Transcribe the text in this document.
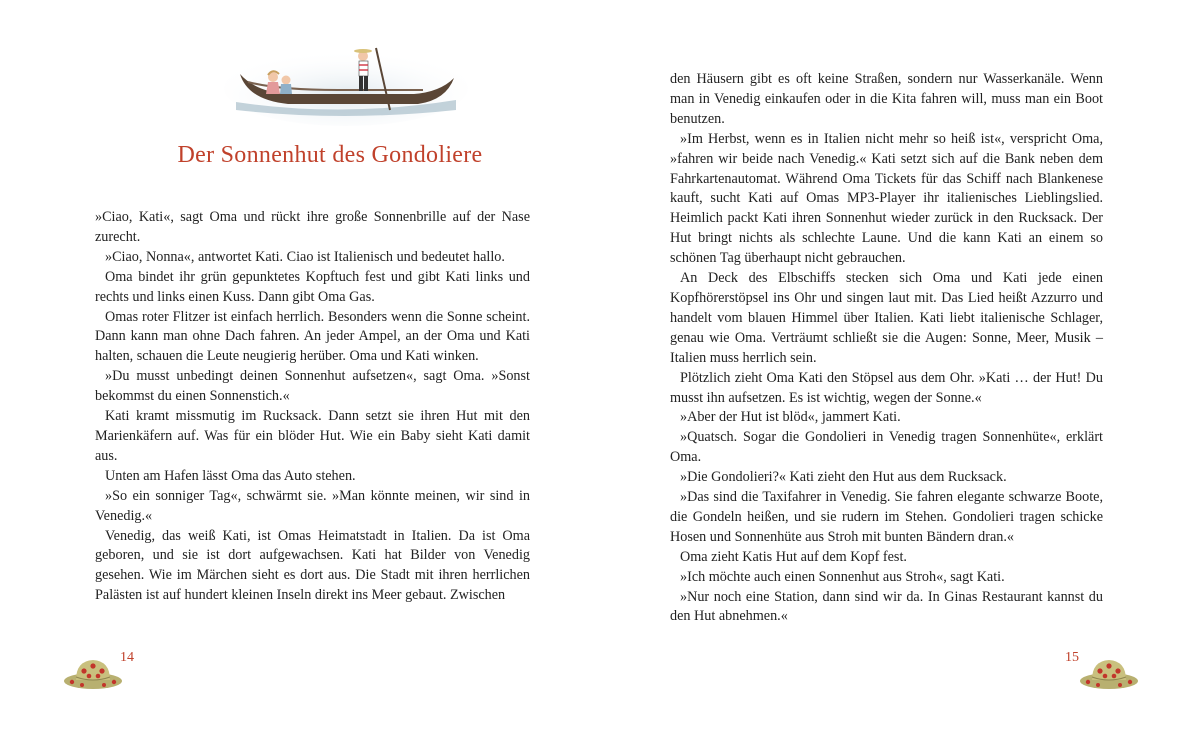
Der Sonnenhut des Gondoliere

»Ciao, Kati«, sagt Oma und rückt ihre große Sonnenbrille auf der Nase zurecht.

»Ciao, Nonna«, antwortet Kati. Ciao ist Italienisch und bedeutet hallo.

Oma bindet ihr grün gepunktetes Kopftuch fest und gibt Kati links und rechts und links einen Kuss. Dann gibt Oma Gas.

Omas roter Flitzer ist einfach herrlich. Besonders wenn die Sonne scheint. Dann kann man ohne Dach fahren. An jeder Ampel, an der Oma und Kati halten, schauen die Leute neugierig herüber. Oma und Kati winken.

»Du musst unbedingt deinen Sonnenhut aufsetzen«, sagt Oma. »Sonst bekommst du einen Sonnenstich.«

Kati kramt missmutig im Rucksack. Dann setzt sie ihren Hut mit den Marienkäfern auf. Was für ein blöder Hut. Wie ein Baby sieht Kati damit aus.

Unten am Hafen lässt Oma das Auto stehen.

»So ein sonniger Tag«, schwärmt sie. »Man könnte meinen, wir sind in Venedig.«

Venedig, das weiß Kati, ist Omas Heimatstadt in Italien. Da ist Oma geboren, und sie ist dort aufgewachsen. Kati hat Bilder von Venedig gesehen. Wie im Märchen sieht es dort aus. Die Stadt mit ihren herrlichen Palästen ist auf hundert kleinen Inseln direkt ins Meer gebaut. Zwischen

14

den Häusern gibt es oft keine Straßen, sondern nur Wasserkanäle. Wenn man in Venedig einkaufen oder in die Kita fahren will, muss man ein Boot benutzen.

»Im Herbst, wenn es in Italien nicht mehr so heiß ist«, verspricht Oma, »fahren wir beide nach Venedig.« Kati setzt sich auf die Bank neben dem Fahrkartenautomat. Während Oma Tickets für das Schiff nach Blankenese kauft, sucht Kati auf Omas MP3-Player ihr italienisches Lieblingslied. Heimlich packt Kati ihren Sonnenhut wieder zurück in den Rucksack. Der Hut bringt nichts als schlechte Laune. Und die kann Kati an einem so schönen Tag überhaupt nicht gebrauchen.

An Deck des Elbschiffs stecken sich Oma und Kati jede einen Kopfhörerstöpsel ins Ohr und singen laut mit. Das Lied heißt Azzurro und handelt vom blauen Himmel über Italien. Kati liebt italienische Schlager, genau wie Oma. Verträumt schließt sie die Augen: Sonne, Meer, Musik – Italien muss herrlich sein.

Plötzlich zieht Oma Kati den Stöpsel aus dem Ohr. »Kati … der Hut! Du musst ihn aufsetzen. Es ist wichtig, wegen der Sonne.«

»Aber der Hut ist blöd«, jammert Kati.

»Quatsch. Sogar die Gondolieri in Venedig tragen Sonnenhüte«, erklärt Oma.

»Die Gondolieri?« Kati zieht den Hut aus dem Rucksack.

»Das sind die Taxifahrer in Venedig. Sie fahren elegante schwarze Boote, die Gondeln heißen, und sie rudern im Stehen. Gondolieri tragen schicke Hosen und Sonnenhüte aus Stroh mit bunten Bändern dran.«

Oma zieht Katis Hut auf dem Kopf fest.

»Ich möchte auch einen Sonnenhut aus Stroh«, sagt Kati.

»Nur noch eine Station, dann sind wir da. In Ginas Restaurant kannst du den Hut abnehmen.«

15
